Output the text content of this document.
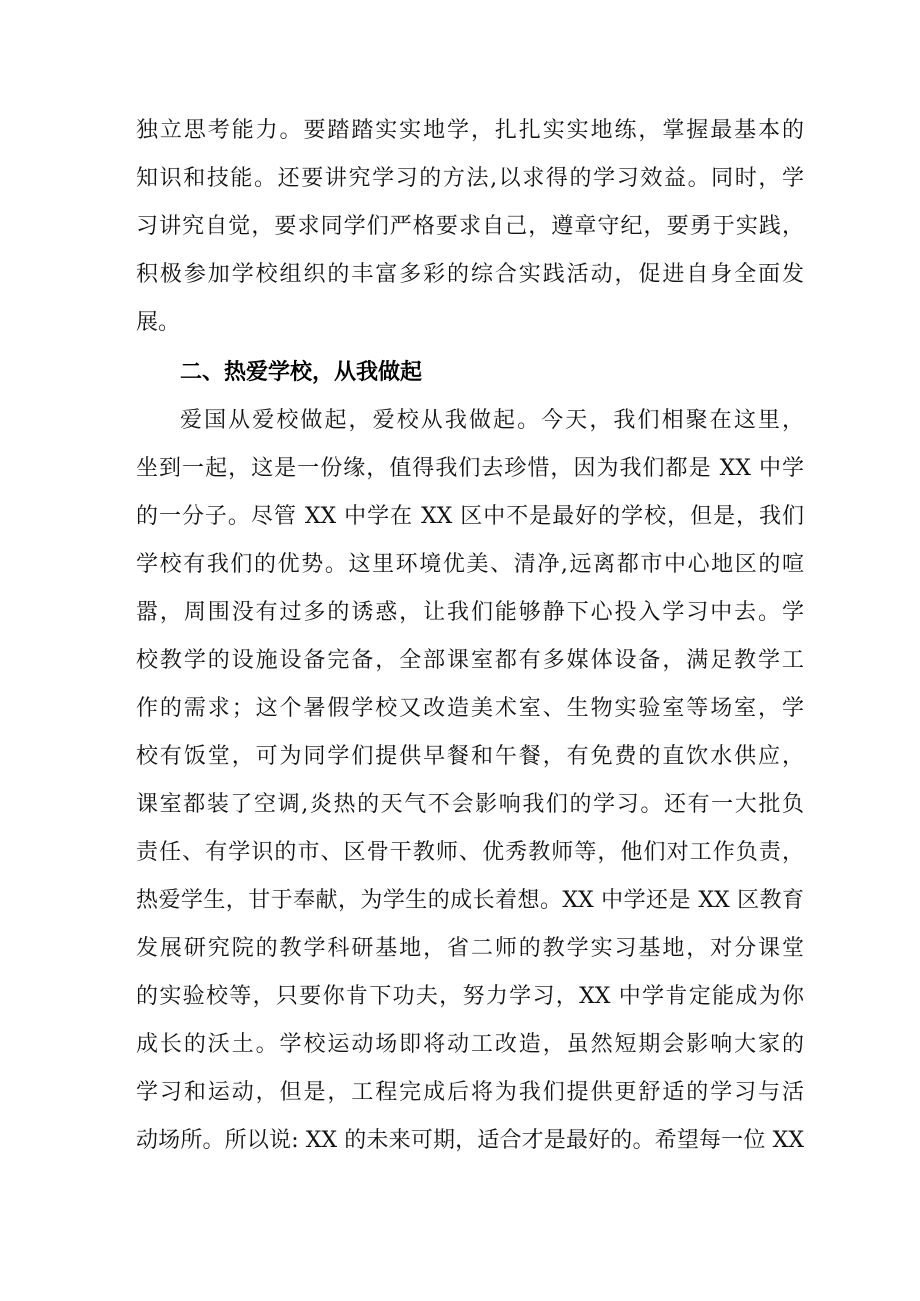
独立思考能力。要踏踏实实地学，扎扎实实地练，掌握最基本的
知识和技能。还要讲究学习的方法,以求得的学习效益。同时，学
习讲究自觉，要求同学们严格要求自己，遵章守纪，要勇于实践，
积极参加学校组织的丰富多彩的综合实践活动，促进自身全面发
展。
二、热爱学校，从我做起
爱国从爱校做起，爱校从我做起。今天，我们相聚在这里，
坐到一起，这是一份缘，值得我们去珍惜，因为我们都是 XX 中学
的一分子。尽管 XX 中学在 XX 区中不是最好的学校，但是，我们
学校有我们的优势。这里环境优美、清净,远离都市中心地区的喧
嚣，周围没有过多的诱惑，让我们能够静下心投入学习中去。学
校教学的设施设备完备，全部课室都有多媒体设备，满足教学工
作的需求；这个暑假学校又改造美术室、生物实验室等场室，学
校有饭堂，可为同学们提供早餐和午餐，有免费的直饮水供应，
课室都装了空调,炎热的天气不会影响我们的学习。还有一大批负
责任、有学识的市、区骨干教师、优秀教师等，他们对工作负责，
热爱学生，甘于奉献，为学生的成长着想。XX 中学还是 XX 区教育
发展研究院的教学科研基地，省二师的教学实习基地，对分课堂
的实验校等，只要你肯下功夫，努力学习，XX 中学肯定能成为你
成长的沃土。学校运动场即将动工改造，虽然短期会影响大家的
学习和运动，但是，工程完成后将为我们提供更舒适的学习与活
动场所。所以说: XX 的未来可期，适合才是最好的。希望每一位 XX
